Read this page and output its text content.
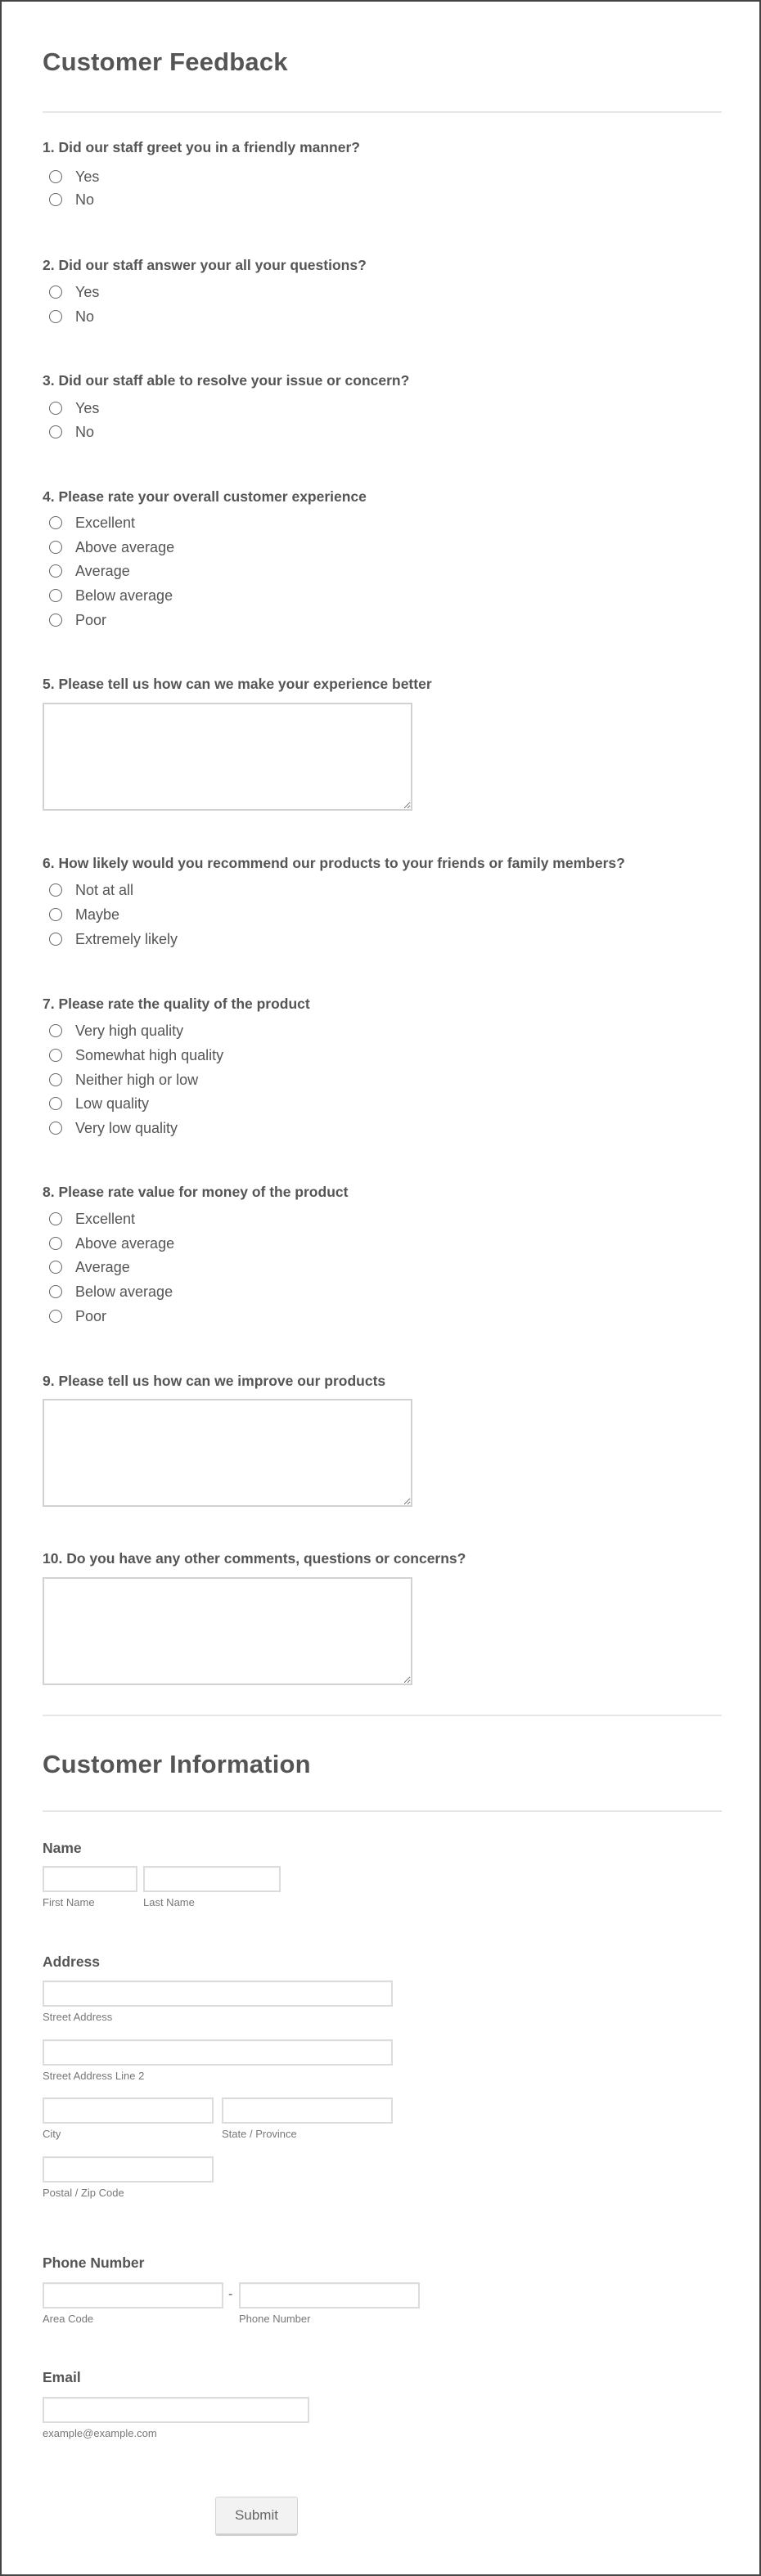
Customer Feedback
1. Did our staff greet you in a friendly manner?
Yes
No
2. Did our staff answer your all your questions?
Yes
No
3. Did our staff able to resolve your issue or concern?
Yes
No
4. Please rate your overall customer experience
Excellent
Above average
Average
Below average
Poor
5. Please tell us how can we make your experience better
6. How likely would you recommend our products to your friends or family members?
Not at all
Maybe
Extremely likely
7. Please rate the quality of the product
Very high quality
Somewhat high quality
Neither high or low
Low quality
Very low quality
8. Please rate value for money of the product
Excellent
Above average
Average
Below average
Poor
9. Please tell us how can we improve our products
10. Do you have any other comments, questions or concerns?
Customer Information
Name
First Name	Last Name
Address
Street Address
Street Address Line 2
City	State / Province
Postal / Zip Code
Phone Number
-
Area Code	Phone Number
Email
example@example.com
Submit
